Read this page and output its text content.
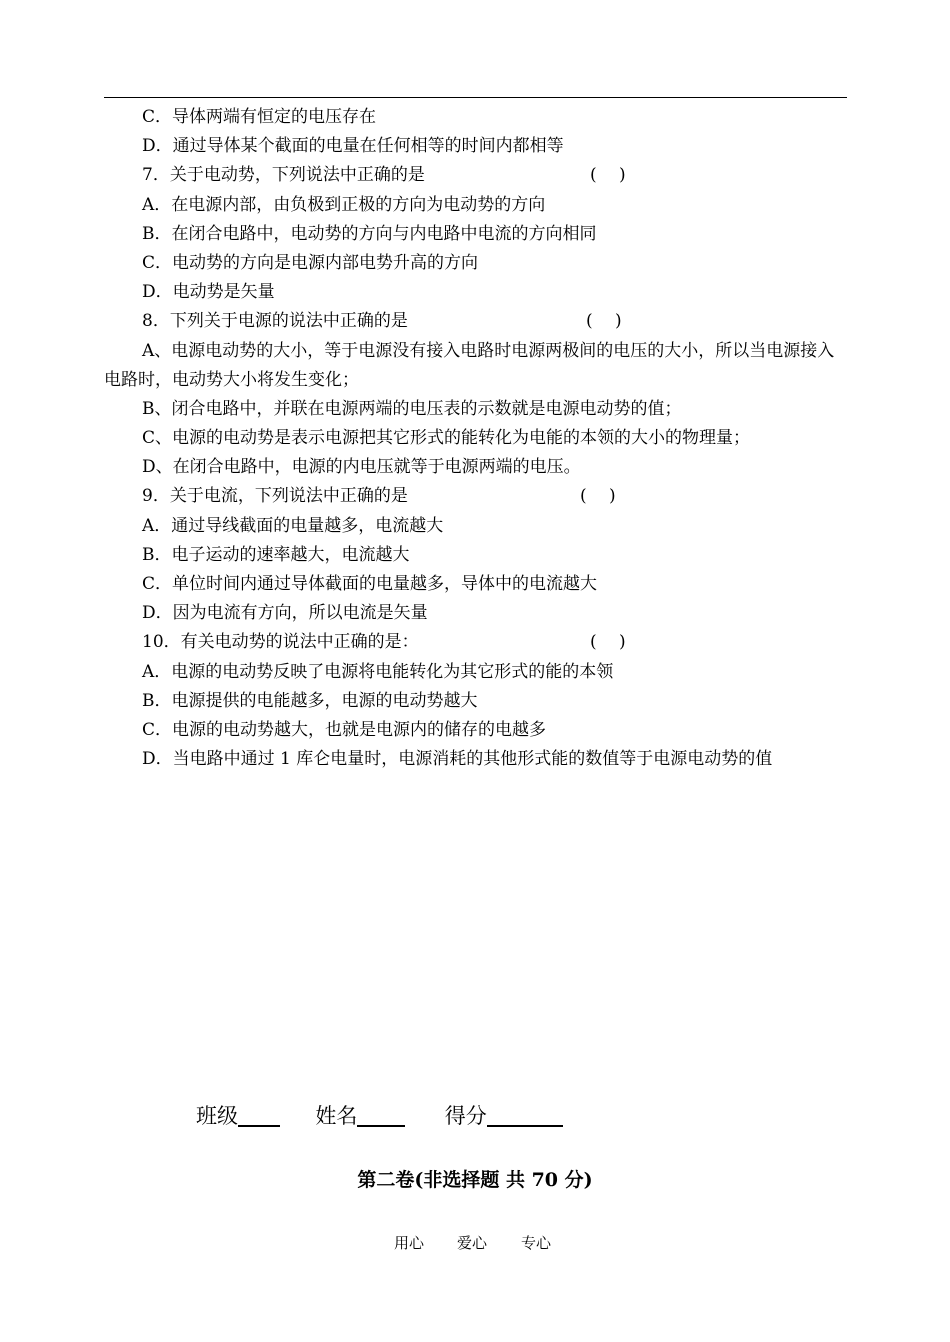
C．导体两端有恒定的电压存在
D．通过导体某个截面的电量在任何相等的时间内都相等
7．关于电动势，下列说法中正确的是	(　 )
A．在电源内部，由负极到正极的方向为电动势的方向
B．在闭合电路中，电动势的方向与内电路中电流的方向相同
C．电动势的方向是电源内部电势升高的方向
D．电动势是矢量
8．下列关于电源的说法中正确的是	(　 )
A、电源电动势的大小，等于电源没有接入电路时电源两极间的电压的大小，所以当电源接入电路时，电动势大小将发生变化；
B、闭合电路中，并联在电源两端的电压表的示数就是电源电动势的值；
C、电源的电动势是表示电源把其它形式的能转化为电能的本领的大小的物理量；
D、在闭合电路中，电源的内电压就等于电源两端的电压。
9．关于电流，下列说法中正确的是	(　 )
A．通过导线截面的电量越多，电流越大
B．电子运动的速率越大，电流越大
C．单位时间内通过导体截面的电量越多，导体中的电流越大
D．因为电流有方向，所以电流是矢量
10．有关电动势的说法中正确的是：	(　 )
A．电源的电动势反映了电源将电能转化为其它形式的能的本领
B．电源提供的电能越多，电源的电动势越大
C．电源的电动势越大，也就是电源内的储存的电越多
D．当电路中通过 1 库仑电量时，电源消耗的其他形式能的数值等于电源电动势的值
班级	姓名	得分
第二卷(非选择题 共 70 分)
用心 爱心 专心
